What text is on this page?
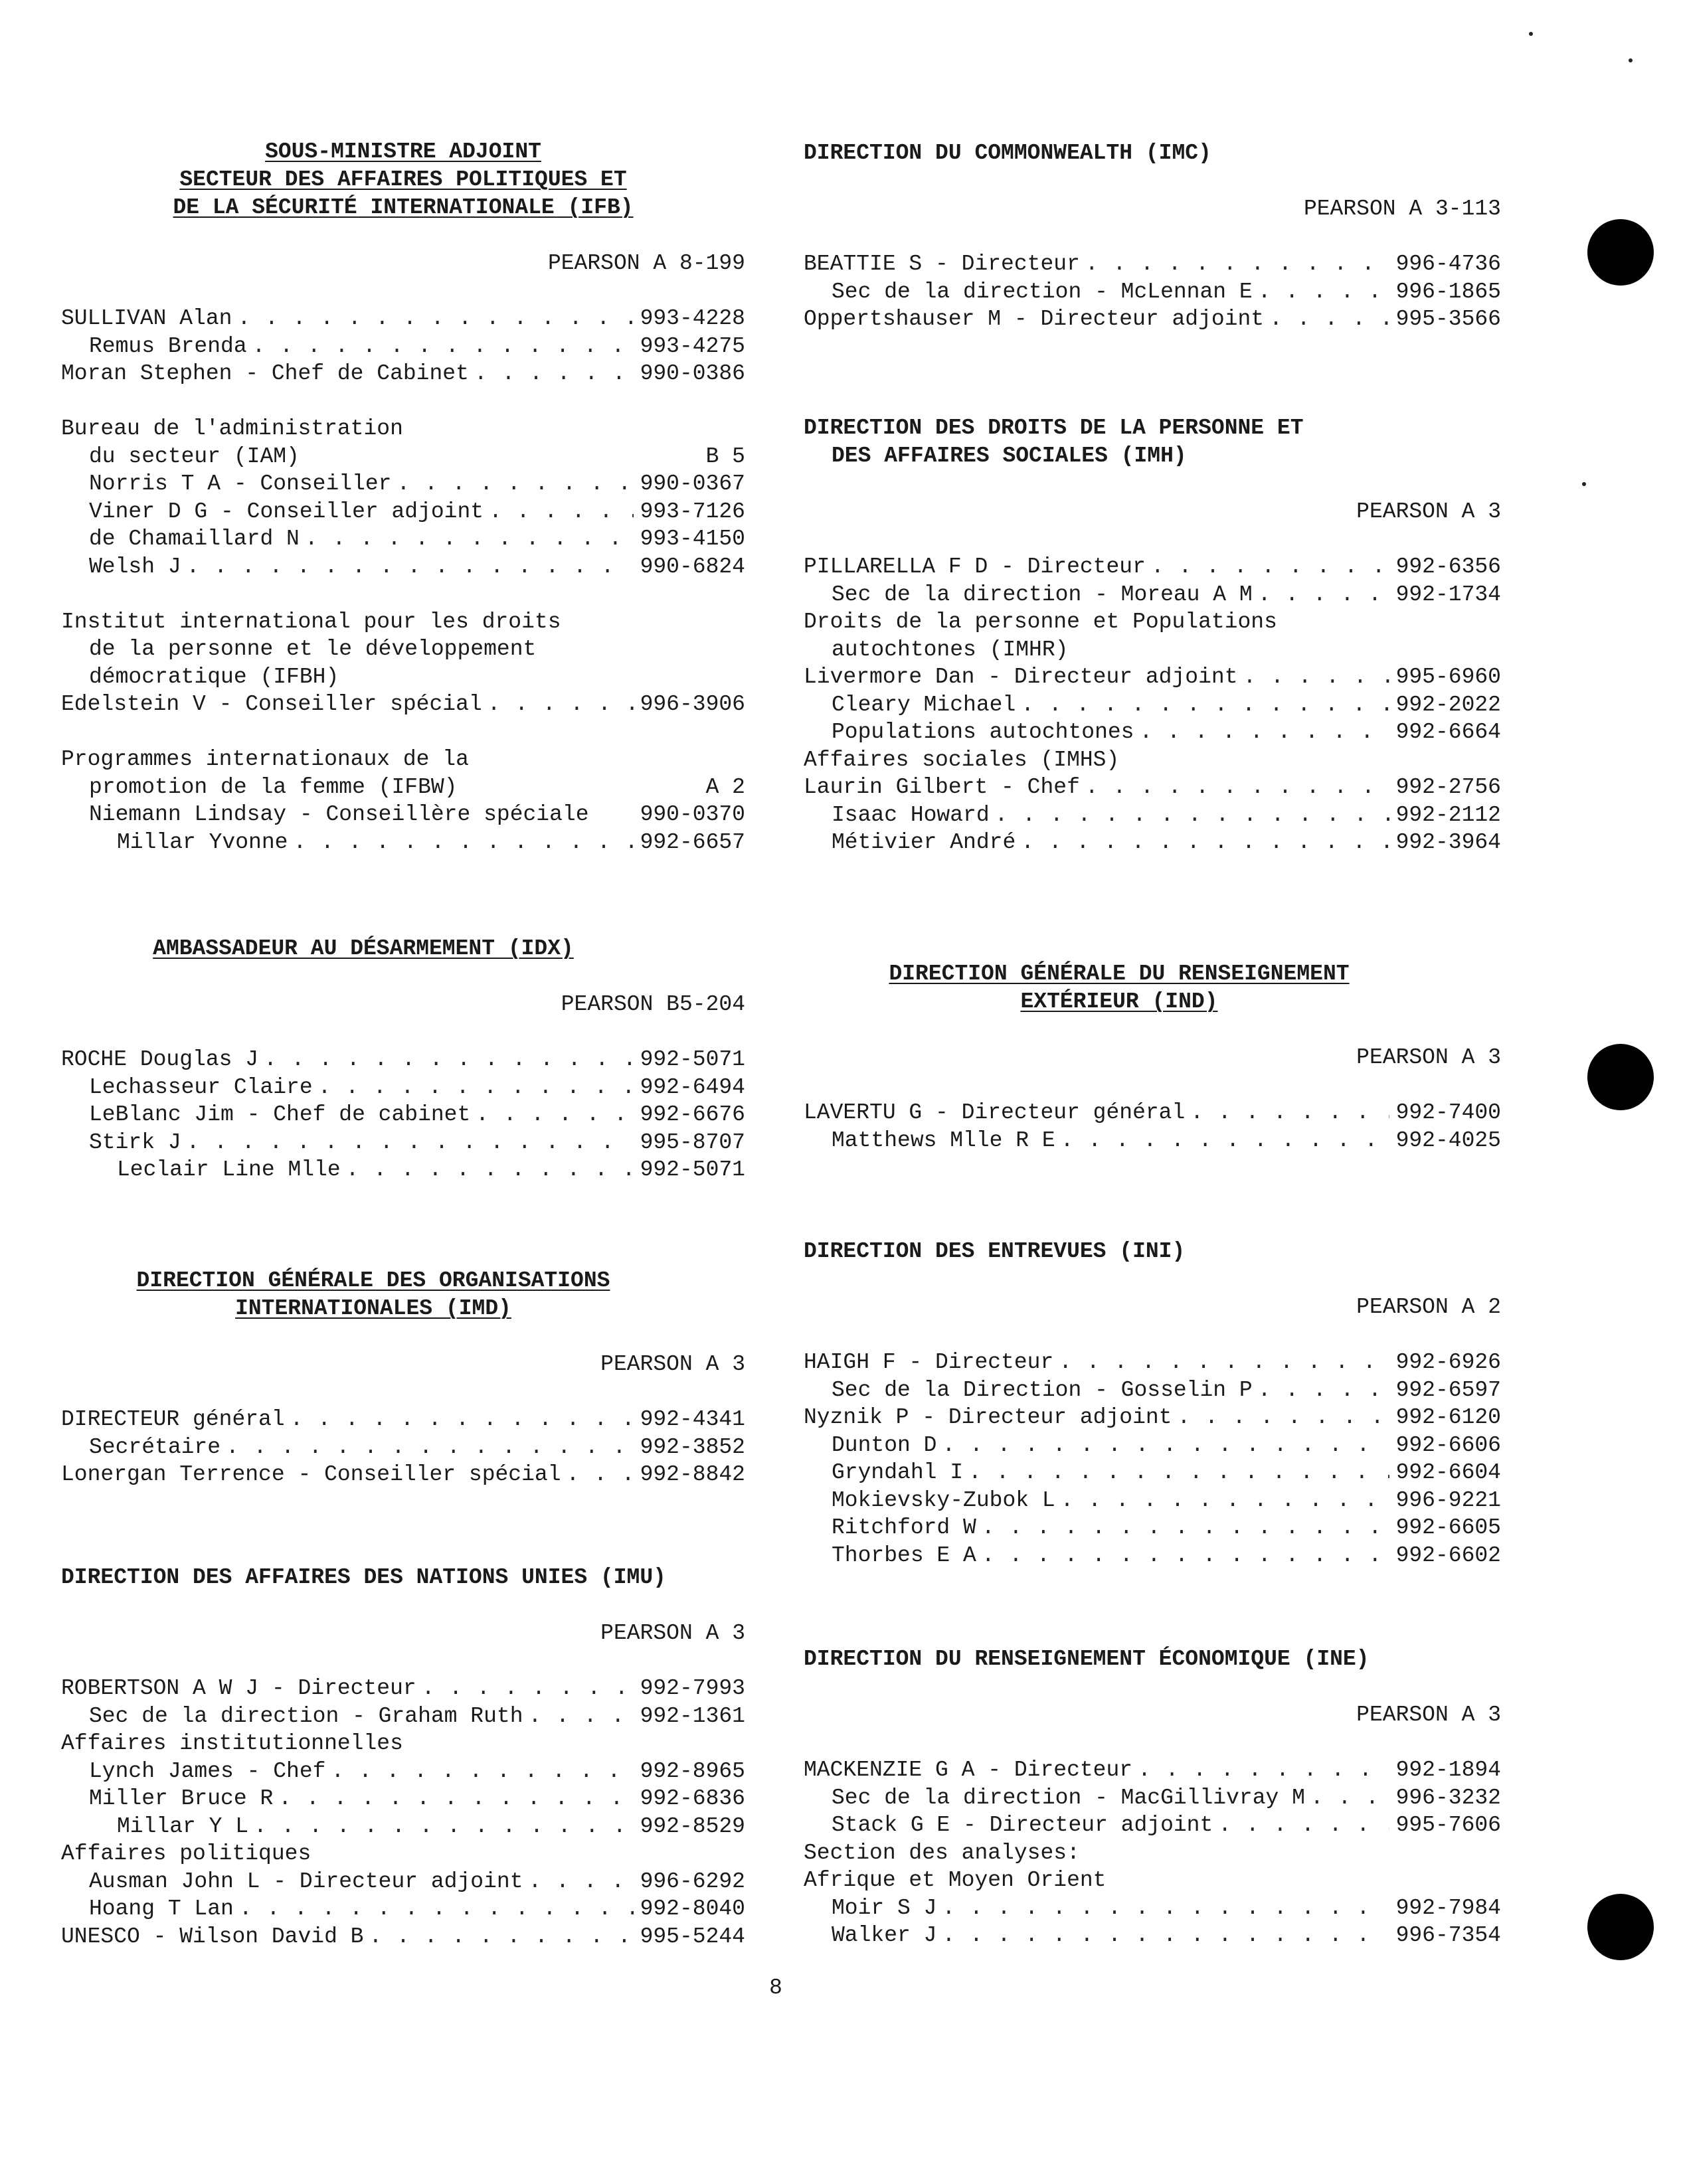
SOUS-MINISTRE ADJOINT
SECTEUR DES AFFAIRES POLITIQUES ET
DE LA SÉCURITÉ INTERNATIONALE (IFB)
PEARSON A 8-199
SULLIVAN Alan . . .	993-4228
Remus Brenda . . .	993-4275
Moran Stephen - Chef de Cabinet . . .	990-0386
Bureau de l'administration
du secteur (IAM)	B 5
Norris T A - Conseiller . . .	990-0367
Viner D G - Conseiller adjoint . . .	993-7126
de Chamaillard N . . .	993-4150
Welsh J . . .	990-6824
Institut international pour les droits
de la personne et le développement
démocratique (IFBH)
Edelstein V - Conseiller spécial . . .	996-3906
Programmes internationaux de la
promotion de la femme (IFBW)	A 2
Niemann Lindsay - Conseillère spéciale 990-0370
Millar Yvonne . . .	992-6657
AMBASSADEUR AU DÉSARMEMENT (IDX)
PEARSON B5-204
ROCHE Douglas J . . .	992-5071
Lechasseur Claire . . .	992-6494
LeBlanc Jim - Chef de cabinet . . .	992-6676
Stirk J . . .	995-8707
Leclair Line Mlle . . .	992-5071
DIRECTION GÉNÉRALE DES ORGANISATIONS
INTERNATIONALES (IMD)
PEARSON A 3
DIRECTEUR général . . .	992-4341
Secrétaire . . .	992-3852
Lonergan Terrence - Conseiller spécial . . .	992-8842
DIRECTION DES AFFAIRES DES NATIONS UNIES (IMU)
PEARSON A 3
ROBERTSON A W J - Directeur . . .	992-7993
Sec de la direction - Graham Ruth . . .	992-1361
Affaires institutionnelles
Lynch James - Chef . . .	992-8965
Miller Bruce R . . .	992-6836
Millar Y L . . .	992-8529
Affaires politiques
Ausman John L - Directeur adjoint . . .	996-6292
Hoang T Lan . . .	992-8040
UNESCO - Wilson David B . . .	995-5244
DIRECTION DU COMMONWEALTH (IMC)
PEARSON A 3-113
BEATTIE S - Directeur . . .	996-4736
Sec de la direction - McLennan E . . .	996-1865
Oppertshauser M - Directeur adjoint . . .	995-3566
DIRECTION DES DROITS DE LA PERSONNE ET
DES AFFAIRES SOCIALES (IMH)
PEARSON A 3
PILLARELLA F D - Directeur . . .	992-6356
Sec de la direction - Moreau A M . . .	992-1734
Droits de la personne et Populations
autochtones (IMHR)
Livermore Dan - Directeur adjoint . . .	995-6960
Cleary Michael . . .	992-2022
Populations autochtones . . .	992-6664
Affaires sociales (IMHS)
Laurin Gilbert - Chef . . .	992-2756
Isaac Howard . . .	992-2112
Métivier André . . .	992-3964
DIRECTION GÉNÉRALE DU RENSEIGNEMENT
EXTÉRIEUR (IND)
PEARSON A 3
LAVERTU G - Directeur général . . .	992-7400
Matthews Mlle R E . . .	992-4025
DIRECTION DES ENTREVUES (INI)
PEARSON A 2
HAIGH F - Directeur . . .	992-6926
Sec de la Direction - Gosselin P . . .	992-6597
Nyznik P - Directeur adjoint . . .	992-6120
Dunton D . . .	992-6606
Gryndahl I . . .	992-6604
Mokievsky-Zubok L . . .	996-9221
Ritchford W . . .	992-6605
Thorbes E A . . .	992-6602
DIRECTION DU RENSEIGNEMENT ÉCONOMIQUE (INE)
PEARSON A 3
MACKENZIE G A - Directeur . . .	992-1894
Sec de la direction - MacGillivray M . . .	996-3232
Stack G E - Directeur adjoint . . .	995-7606
Section des analyses:
Afrique et Moyen Orient
Moir S J . . .	992-7984
Walker J . . .	996-7354
8
